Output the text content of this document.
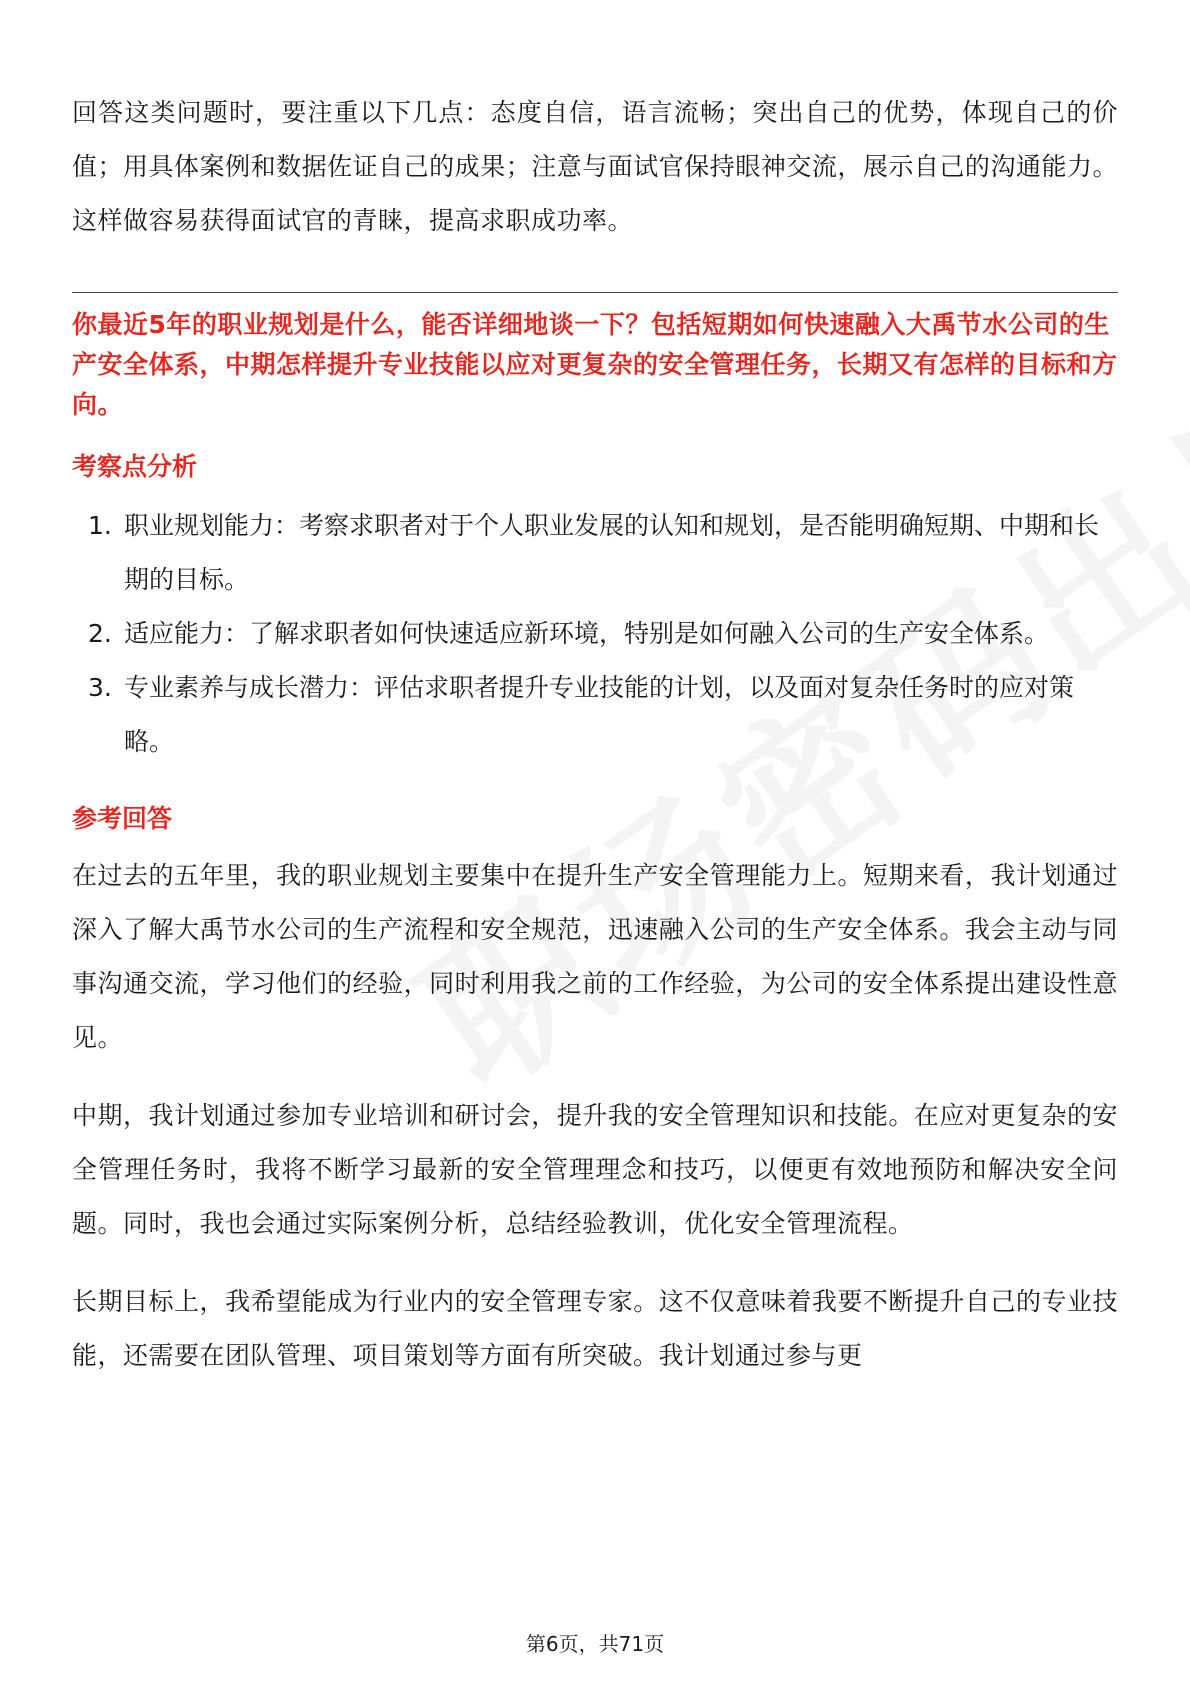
回答这类问题时，要注重以下几点：态度自信，语言流畅；突出自己的优势，体现自己的价值；用具体案例和数据佐证自己的成果；注意与面试官保持眼神交流，展示自己的沟通能力。这样做容易获得面试官的青睐，提高求职成功率。

你最近5年的职业规划是什么，能否详细地谈一下？包括短期如何快速融入大禹节水公司的生产安全体系，中期怎样提升专业技能以应对更复杂的安全管理任务，长期又有怎样的目标和方向。

考察点分析
1. 职业规划能力：考察求职者对于个人职业发展的认知和规划，是否能明确短期、中期和长期的目标。
2. 适应能力：了解求职者如何快速适应新环境，特别是如何融入公司的生产安全体系。
3. 专业素养与成长潜力：评估求职者提升专业技能的计划，以及面对复杂任务时的应对策略。
参考回答

在过去的五年里，我的职业规划主要集中在提升生产安全管理能力上。短期来看，我计划通过深入了解大禹节水公司的生产流程和安全规范，迅速融入公司的生产安全体系。我会主动与同事沟通交流，学习他们的经验，同时利用我之前的工作经验，为公司的安全体系提出建设性意见。

中期，我计划通过参加专业培训和研讨会，提升我的安全管理知识和技能。在应对更复杂的安全管理任务时，我将不断学习最新的安全管理理念和技巧，以便更有效地预防和解决安全问题。同时，我也会通过实际案例分析，总结经验教训，优化安全管理流程。

长期目标上，我希望能成为行业内的安全管理专家。这不仅意味着我要不断提升自己的专业技能，还需要在团队管理、项目策划等方面有所突破。我计划通过参与更

第6页，共71页
